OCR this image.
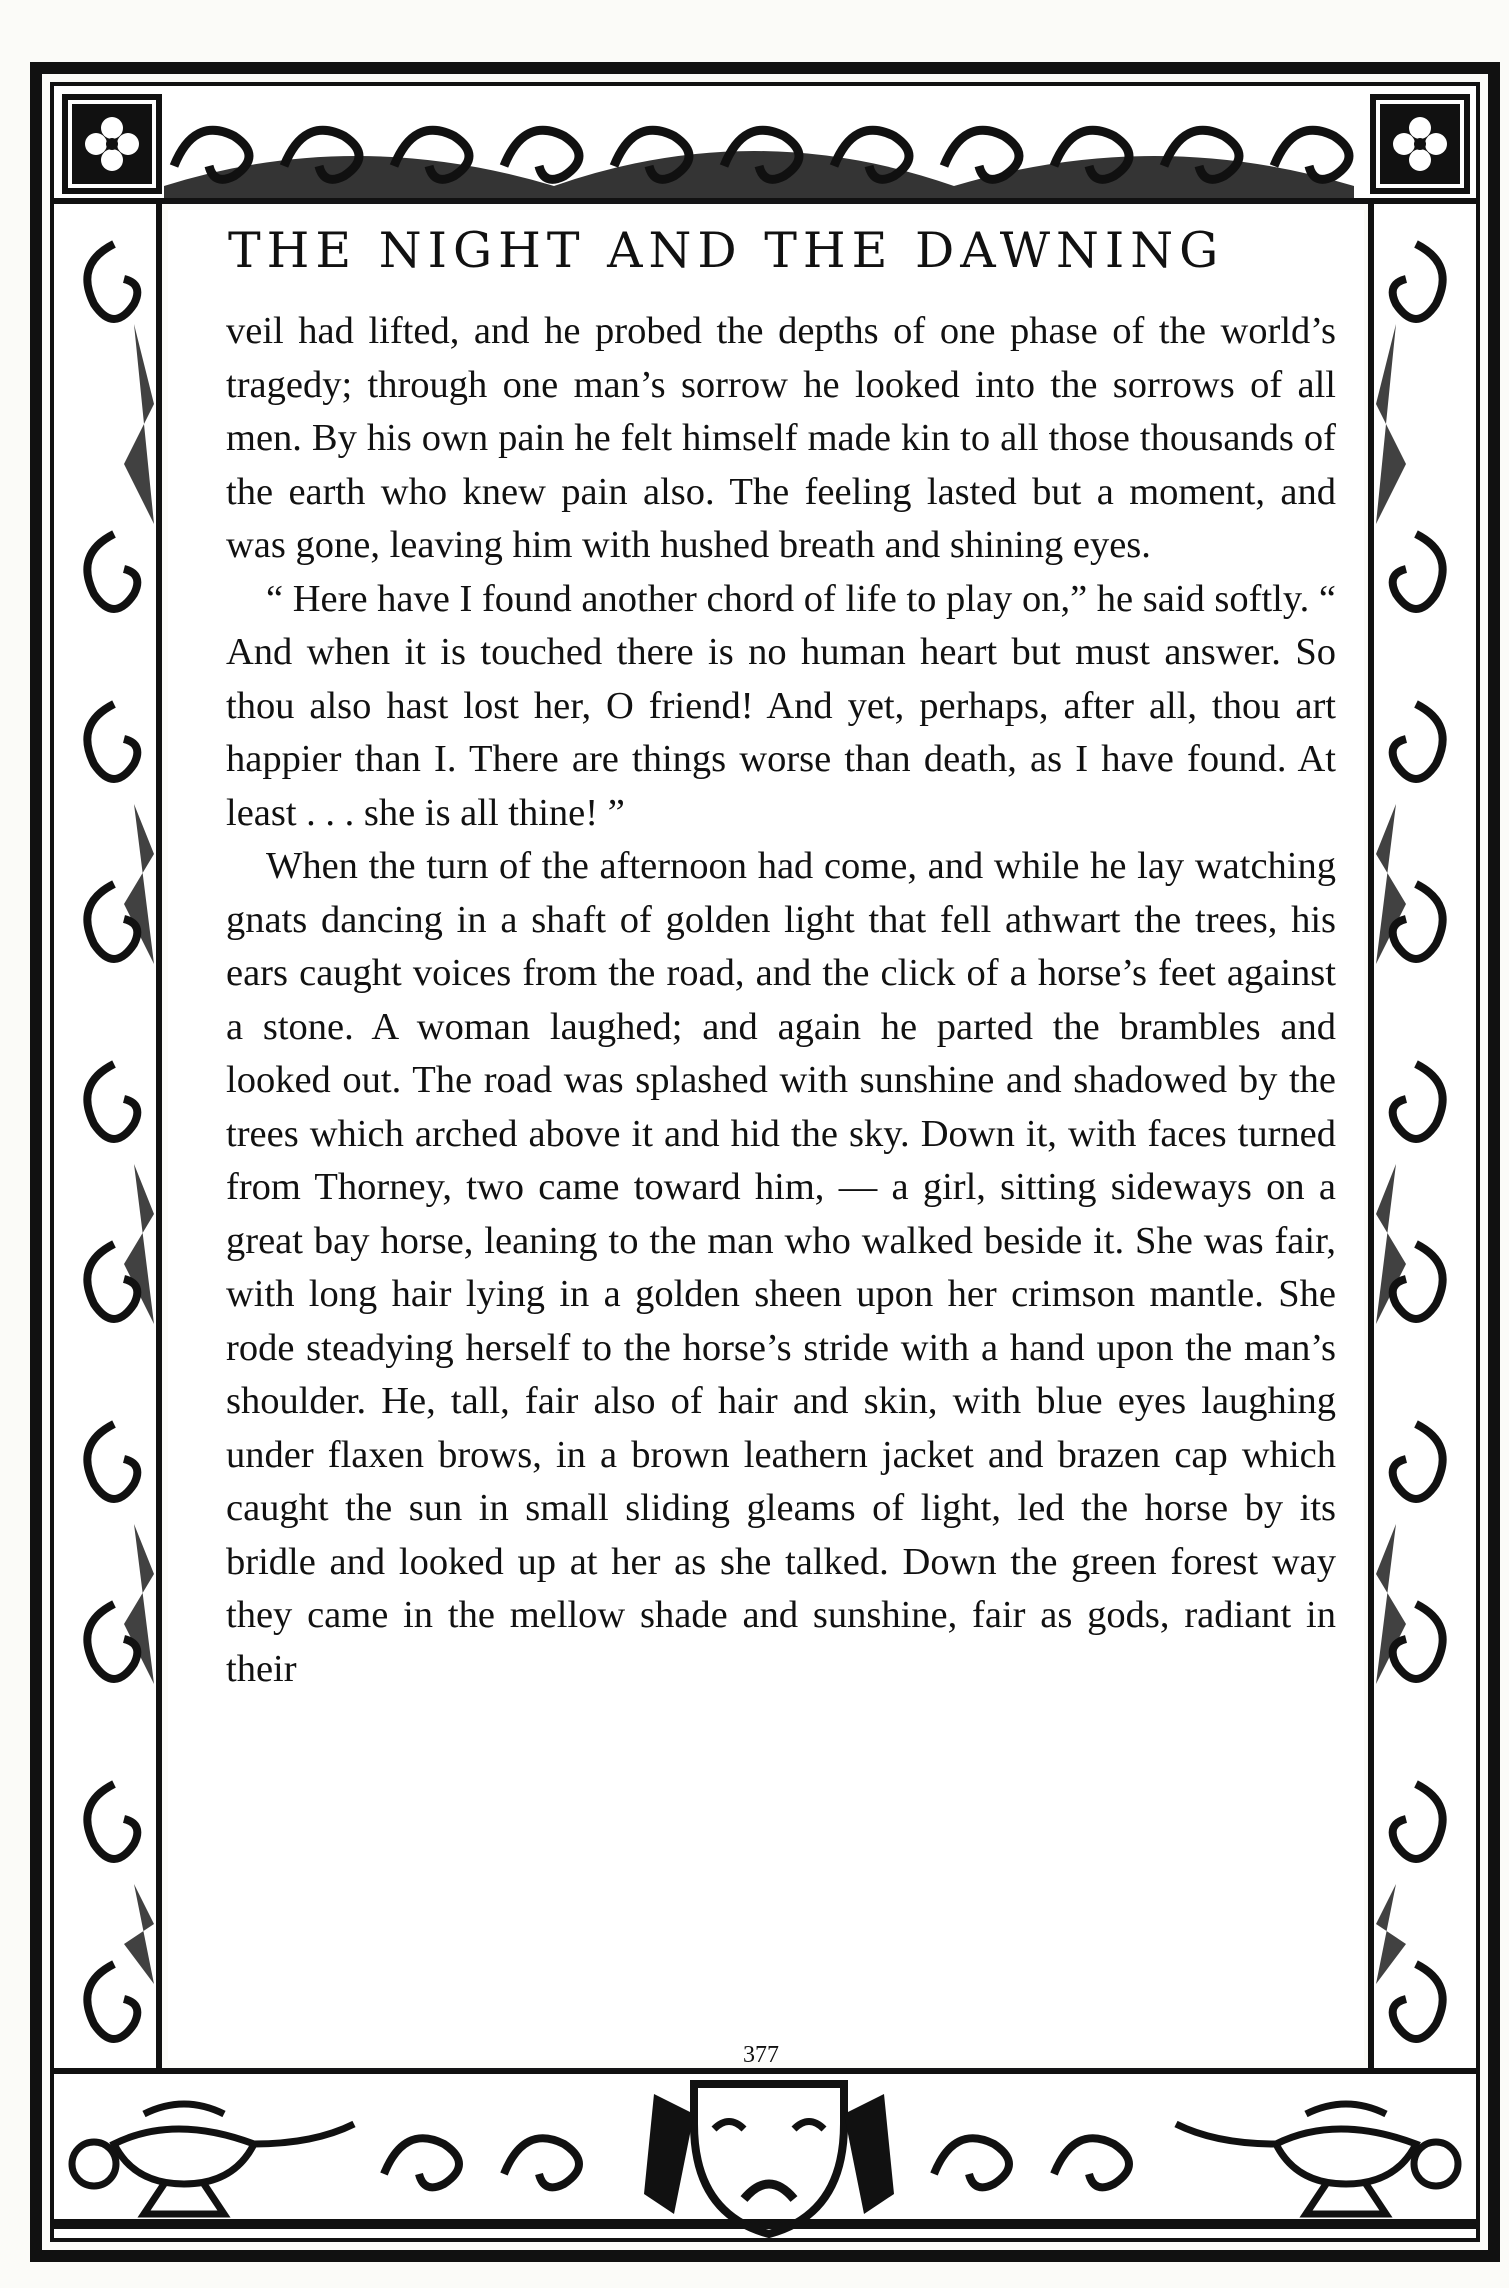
THE NIGHT AND THE DAWNING

veil had lifted, and he probed the depths of one phase of the world’s tragedy; through one man’s sorrow he looked into the sorrows of all men. By his own pain he felt himself made kin to all those thousands of the earth who knew pain also. The feeling lasted but a moment, and was gone, leaving him with hushed breath and shining eyes.

“ Here have I found another chord of life to play on,” he said softly. “ And when it is touched there is no human heart but must answer. So thou also hast lost her, O friend! And yet, perhaps, after all, thou art happier than I. There are things worse than death, as I have found. At least . . . she is all thine! ”

When the turn of the afternoon had come, and while he lay watching gnats dancing in a shaft of golden light that fell athwart the trees, his ears caught voices from the road, and the click of a horse’s feet against a stone. A woman laughed; and again he parted the brambles and looked out. The road was splashed with sunshine and shadowed by the trees which arched above it and hid the sky. Down it, with faces turned from Thorney, two came toward him, — a girl, sitting sideways on a great bay horse, leaning to the man who walked beside it. She was fair, with long hair lying in a golden sheen upon her crimson mantle. She rode steadying herself to the horse’s stride with a hand upon the man’s shoulder. He, tall, fair also of hair and skin, with blue eyes laughing under flaxen brows, in a brown leathern jacket and brazen cap which caught the sun in small sliding gleams of light, led the horse by its bridle and looked up at her as she talked. Down the green forest way they came in the mellow shade and sunshine, fair as gods, radiant in their

377
